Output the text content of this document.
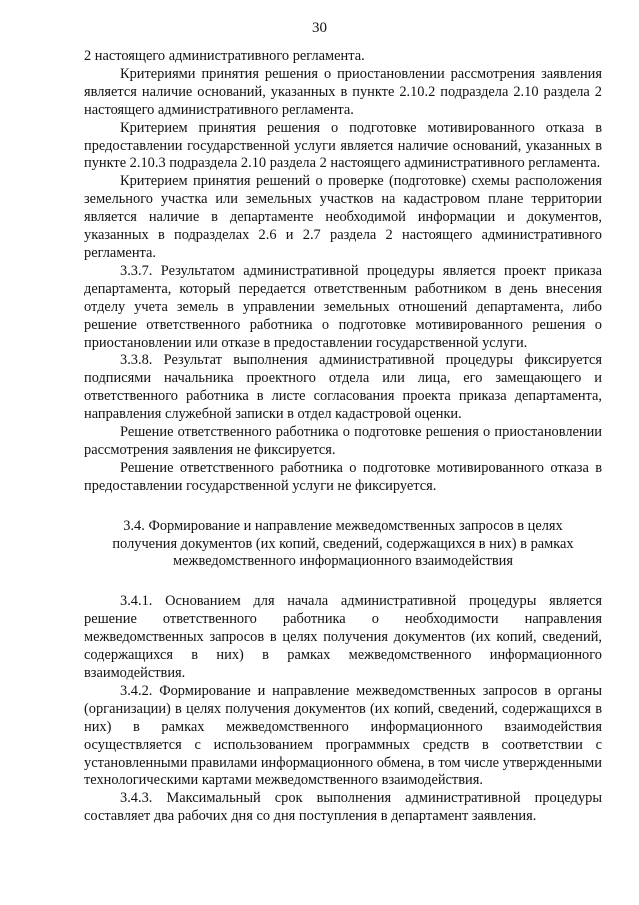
30

2 настоящего административного регламента.

Критериями принятия решения о приостановлении рассмотрения заявления является наличие оснований, указанных в пункте 2.10.2 подраздела 2.10 раздела 2 настоящего административного регламента.

Критерием принятия решения о подготовке мотивированного отказа в предоставлении государственной услуги является наличие оснований, указанных в пункте 2.10.3 подраздела 2.10 раздела 2 настоящего административного регламента.

Критерием принятия решений о проверке (подготовке) схемы расположения земельного участка или земельных участков на кадастровом плане территории является наличие в департаменте необходимой информации и документов, указанных в подразделах 2.6 и 2.7 раздела 2 настоящего административного регламента.

3.3.7. Результатом административной процедуры является проект приказа департамента, который передается ответственным работником в день внесения отделу учета земель в управлении земельных отношений департамента, либо решение ответственного работника о подготовке мотивированного решения о приостановлении или отказе в предоставлении государственной услуги.

3.3.8. Результат выполнения административной процедуры фиксируется подписями начальника проектного отдела или лица, его замещающего и ответственного работника в листе согласования проекта приказа департамента, направления служебной записки в отдел кадастровой оценки.

Решение ответственного работника о подготовке решения о приостановлении рассмотрения заявления не фиксируется.

Решение ответственного работника о подготовке мотивированного отказа в предоставлении государственной услуги не фиксируется.

3.4. Формирование и направление межведомственных запросов в целях
получения документов (их копий, сведений, содержащихся в них) в рамках
межведомственного информационного взаимодействия

3.4.1. Основанием для начала административной процедуры является решение ответственного работника о необходимости направления межведомственных запросов в целях получения документов (их копий, сведений, содержащихся в них) в рамках межведомственного информационного взаимодействия.

3.4.2. Формирование и направление межведомственных запросов в органы (организации) в целях получения документов (их копий, сведений, содержащихся в них) в рамках межведомственного информационного взаимодействия осуществляется с использованием программных средств в соответствии с установленными правилами информационного обмена, в том числе утвержденными технологическими картами межведомственного взаимодействия.

3.4.3. Максимальный срок выполнения административной процедуры составляет два рабочих дня со дня поступления в департамент заявления.
